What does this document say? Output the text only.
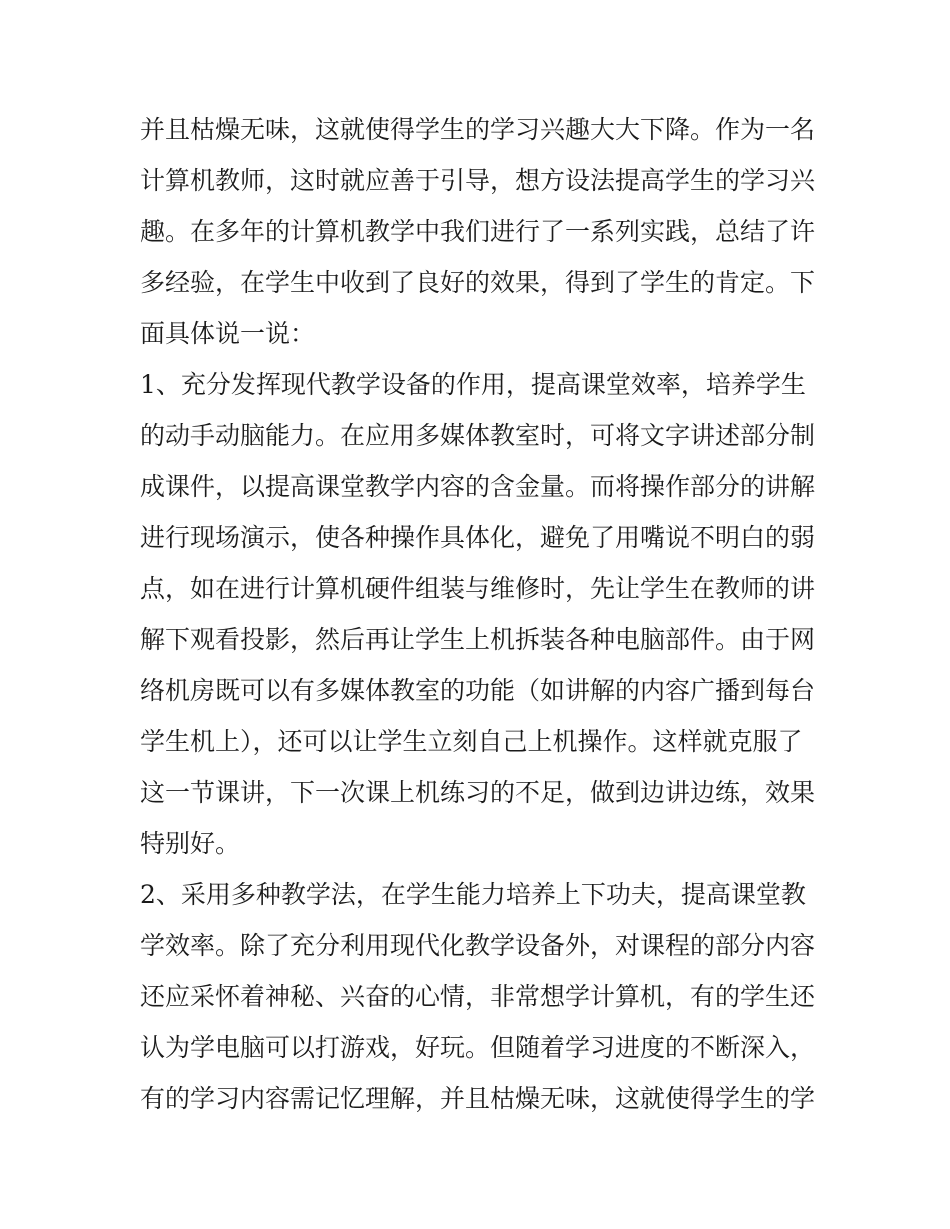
并且枯燥无味，这就使得学生的学习兴趣大大下降。作为一名
计算机教师，这时就应善于引导，想方设法提高学生的学习兴
趣。在多年的计算机教学中我们进行了一系列实践，总结了许
多经验，在学生中收到了良好的效果，得到了学生的肯定。下
面具体说一说：
1、充分发挥现代教学设备的作用，提高课堂效率，培养学生
的动手动脑能力。在应用多媒体教室时，可将文字讲述部分制
成课件，以提高课堂教学内容的含金量。而将操作部分的讲解
进行现场演示，使各种操作具体化，避免了用嘴说不明白的弱
点，如在进行计算机硬件组装与维修时，先让学生在教师的讲
解下观看投影，然后再让学生上机拆装各种电脑部件。由于网
络机房既可以有多媒体教室的功能（如讲解的内容广播到每台
学生机上），还可以让学生立刻自己上机操作。这样就克服了
这一节课讲，下一次课上机练习的不足，做到边讲边练，效果
特别好。
2、采用多种教学法，在学生能力培养上下功夫，提高课堂教
学效率。除了充分利用现代化教学设备外，对课程的部分内容
还应采怀着神秘、兴奋的心情，非常想学计算机，有的学生还
认为学电脑可以打游戏，好玩。但随着学习进度的不断深入，
有的学习内容需记忆理解，并且枯燥无味，这就使得学生的学
